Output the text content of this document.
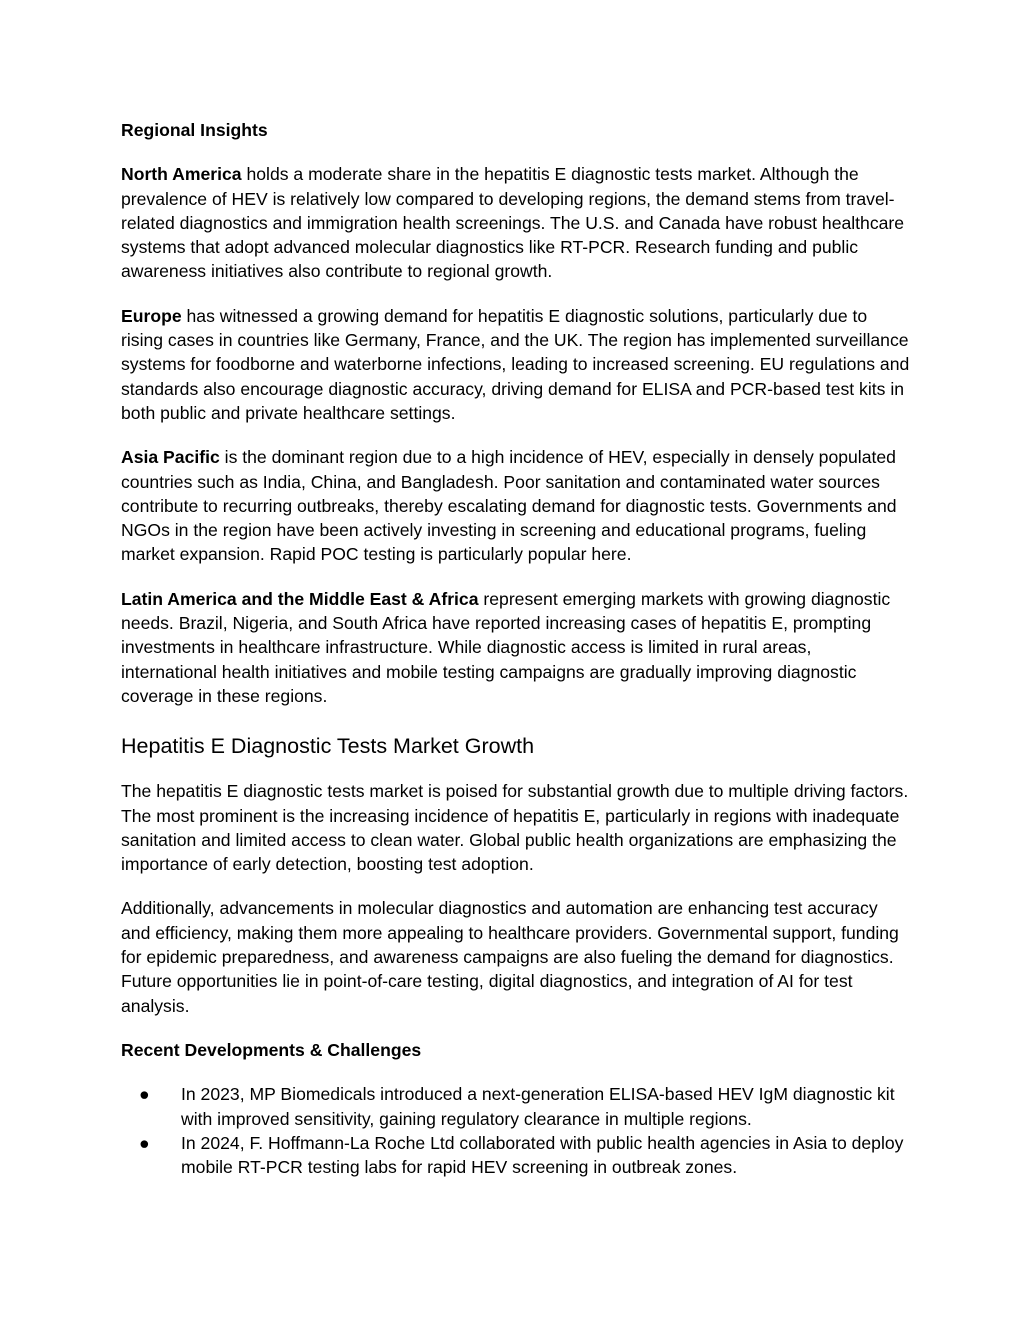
Regional Insights

North America holds a moderate share in the hepatitis E diagnostic tests market. Although the prevalence of HEV is relatively low compared to developing regions, the demand stems from travel-related diagnostics and immigration health screenings. The U.S. and Canada have robust healthcare systems that adopt advanced molecular diagnostics like RT-PCR. Research funding and public awareness initiatives also contribute to regional growth.

Europe has witnessed a growing demand for hepatitis E diagnostic solutions, particularly due to rising cases in countries like Germany, France, and the UK. The region has implemented surveillance systems for foodborne and waterborne infections, leading to increased screening. EU regulations and standards also encourage diagnostic accuracy, driving demand for ELISA and PCR-based test kits in both public and private healthcare settings.

Asia Pacific is the dominant region due to a high incidence of HEV, especially in densely populated countries such as India, China, and Bangladesh. Poor sanitation and contaminated water sources contribute to recurring outbreaks, thereby escalating demand for diagnostic tests. Governments and NGOs in the region have been actively investing in screening and educational programs, fueling market expansion. Rapid POC testing is particularly popular here.

Latin America and the Middle East & Africa represent emerging markets with growing diagnostic needs. Brazil, Nigeria, and South Africa have reported increasing cases of hepatitis E, prompting investments in healthcare infrastructure. While diagnostic access is limited in rural areas, international health initiatives and mobile testing campaigns are gradually improving diagnostic coverage in these regions.

Hepatitis E Diagnostic Tests Market Growth

The hepatitis E diagnostic tests market is poised for substantial growth due to multiple driving factors. The most prominent is the increasing incidence of hepatitis E, particularly in regions with inadequate sanitation and limited access to clean water. Global public health organizations are emphasizing the importance of early detection, boosting test adoption.

Additionally, advancements in molecular diagnostics and automation are enhancing test accuracy and efficiency, making them more appealing to healthcare providers. Governmental support, funding for epidemic preparedness, and awareness campaigns are also fueling the demand for diagnostics. Future opportunities lie in point-of-care testing, digital diagnostics, and integration of AI for test analysis.

Recent Developments & Challenges

● In 2023, MP Biomedicals introduced a next-generation ELISA-based HEV IgM diagnostic kit with improved sensitivity, gaining regulatory clearance in multiple regions.
● In 2024, F. Hoffmann-La Roche Ltd collaborated with public health agencies in Asia to deploy mobile RT-PCR testing labs for rapid HEV screening in outbreak zones.
